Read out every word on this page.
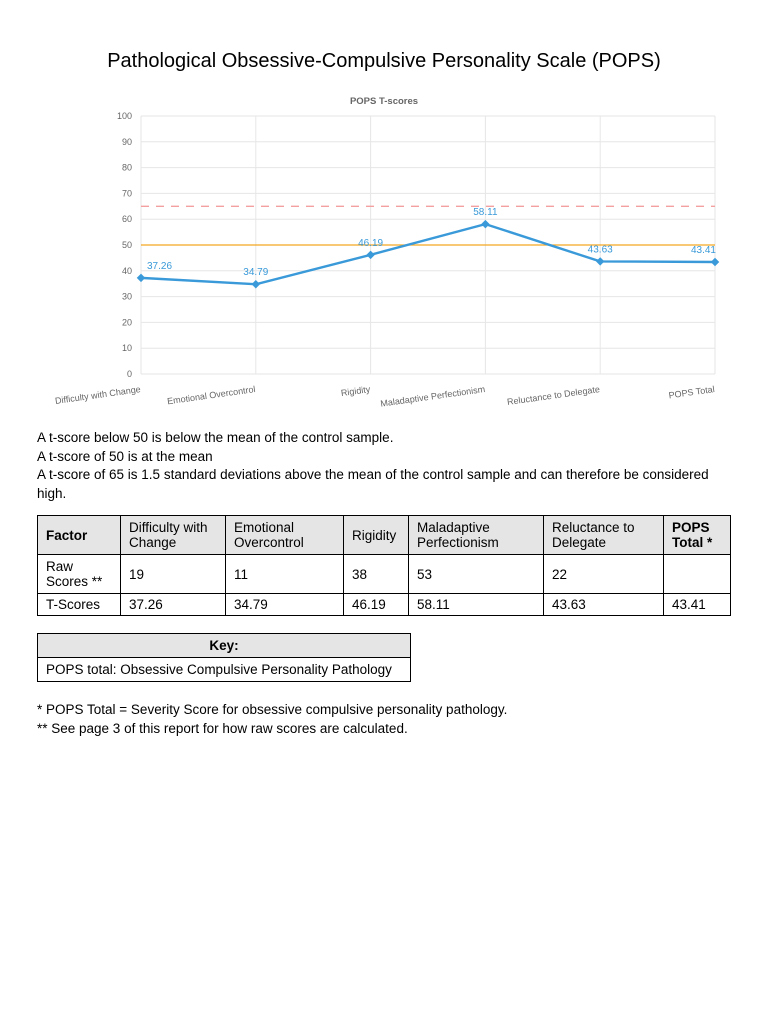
Pathological Obsessive-Compulsive Personality Scale (POPS)
POPS T-scores
37.26
34.79
46.19
58.11
43.63	43.41
0
10
20
30
40
50
60
70
80
90
100
Difficulty with Change	Emotional Overcontrol	Rigidity Maladaptive Perfectionism Reluctance to Delegate	POPS Total
A t-score below 50 is below the mean of the control sample.
A t-score of 50 is at the mean
A t-score of 65 is 1.5 standard deviations above the mean of the control sample and can therefore be considered high.
Factor	Difficulty with Change	Emotional Overcontrol	Rigidity	Maladaptive Perfectionism	Reluctance to Delegate	POPS Total *
Raw Scores **	19	11	38	53	22	
T-Scores	37.26	34.79	46.19	58.11	43.63	43.41
Key:
POPS total: Obsessive Compulsive Personality Pathology
* POPS Total = Severity Score for obsessive compulsive personality pathology.
** See page 3 of this report for how raw scores are calculated.
